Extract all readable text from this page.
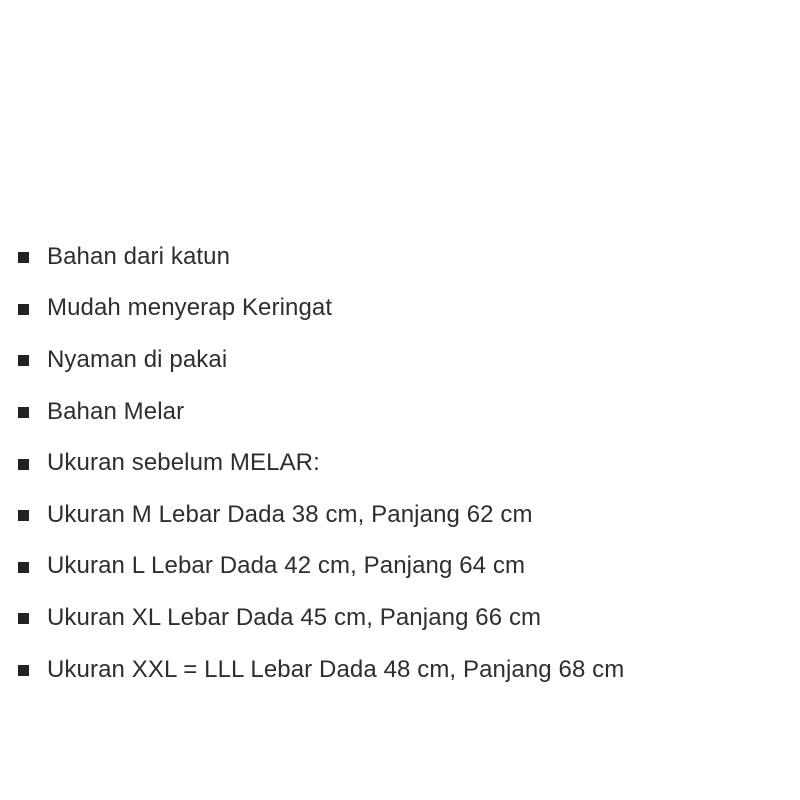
Bahan dari katun
Mudah menyerap Keringat
Nyaman di pakai
Bahan Melar
Ukuran sebelum MELAR:
Ukuran M Lebar Dada 38 cm, Panjang 62 cm
Ukuran L Lebar Dada 42 cm, Panjang 64 cm
Ukuran XL Lebar Dada 45 cm, Panjang 66 cm
Ukuran XXL = LLL Lebar Dada 48 cm, Panjang 68 cm
